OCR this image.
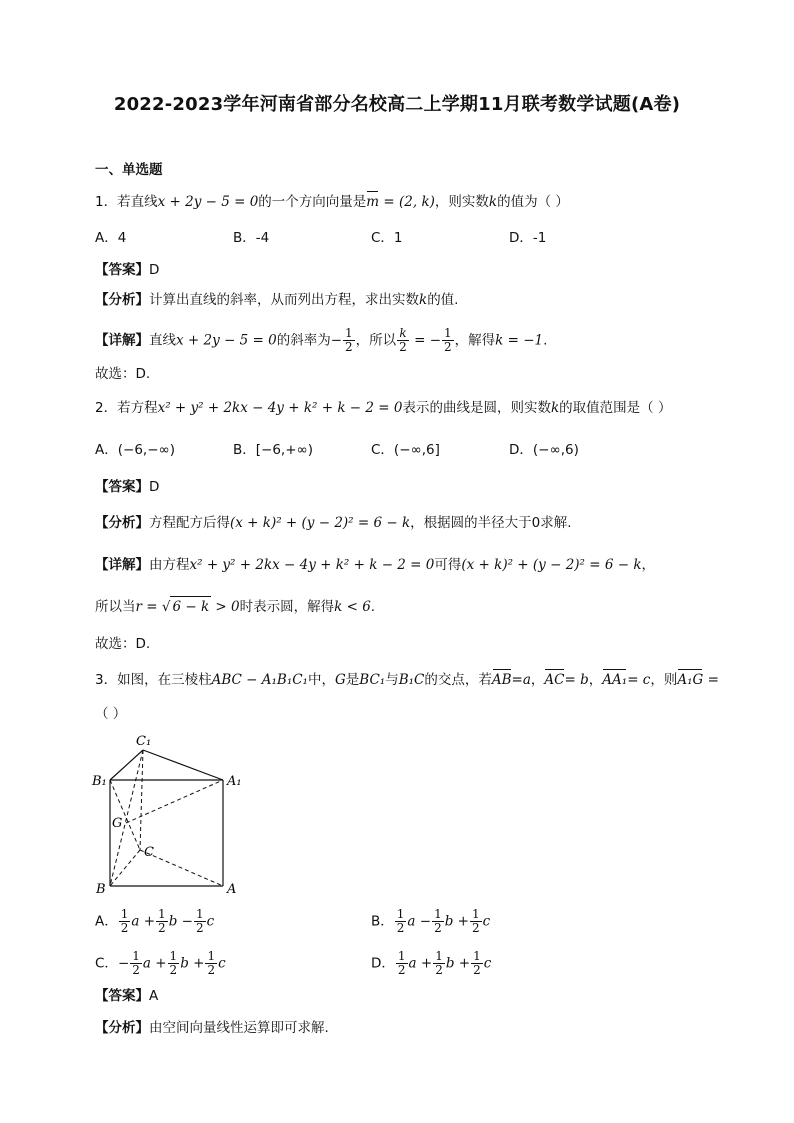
2022-2023学年河南省部分名校高二上学期11月联考数学试题(A卷)
一、单选题
1．若直线x + 2y − 5 = 0的一个方向向量是m = (2, k)，则实数k的值为（ ）
A．4	B．-4	C．1	D．-1
【答案】D
【分析】计算出直线的斜率，从而列出方程，求出实数k的值.
【详解】直线x + 2y − 5 = 0的斜率为− $\frac{1}{2}$ ，所以 $\frac{k}{2}$ = − $\frac{1}{2}$ ，解得k = −1.
故选：D.
2．若方程x² + y² + 2kx − 4y + k² + k − 2 = 0表示的曲线是圆，则实数k的取值范围是（ ）
A．(−6,−∞)	B．[−6,+∞)	C．(−∞,6]	D．(−∞,6)
【答案】D
【分析】方程配方后得(x + k)² + (y − 2)² = 6 − k，根据圆的半径大于0求解.
【详解】由方程x² + y² + 2kx − 4y + k² + k − 2 = 0可得(x + k)² + (y − 2)² = 6 − k，
所以当r = √ 6 − k > 0时表示圆，解得k < 6.
故选：D.
3．如图，在三棱柱ABC − A₁B₁C₁中，G是BC₁与B₁C的交点，若AB=a，AC= b，AA₁= c，则A₁G =
（ ）
C₁
B₁	A₁
G
C
B	A
A． $\frac{1}{2}$ $a + \frac{1}{2}$ $b - \frac{1}{2}$ c	B． $\frac{1}{2}$ $a - \frac{1}{2}$ $b + \frac{1}{2}$ c
C．− $\frac{1}{2}$ $a + \frac{1}{2}$ $b + \frac{1}{2}$ c	D． $\frac{1}{2}$ $a + \frac{1}{2}$ $b + \frac{1}{2}$ c
【答案】A
【分析】由空间向量线性运算即可求解.
